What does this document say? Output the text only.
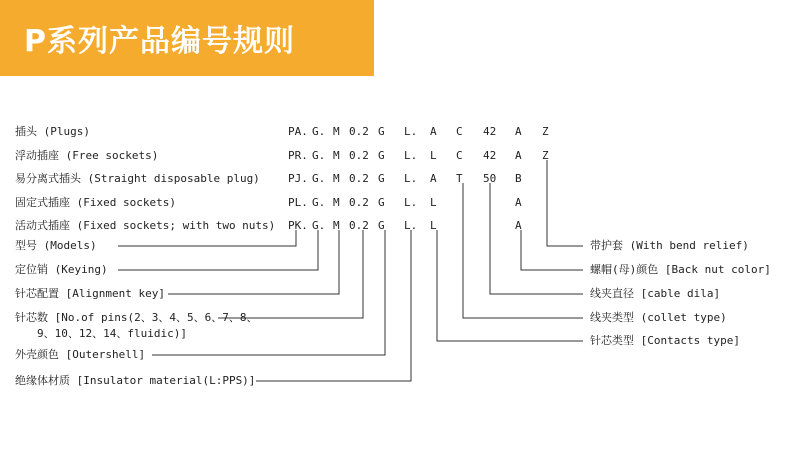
P系列产品编号规则
插头 (Plugs)
浮动插座 (Free sockets)
易分离式插头 (Straight disposable plug)
固定式插座 (Fixed sockets)
活动式插座 (Fixed sockets; with two nuts)
PA. G. M 0.2 G L. A C 42 A Z
PR. G. M 0.2 G L. L C 42 A Z
PJ. G. M 0.2 G L. A T 50 B
PL. G. M 0.2 G L. L	A
PK. G. M 0.2 G L. L	A
型号 (Models)
定位销 (Keying)
针芯配置 [Alignment key]
针芯数 [No.of pins(2、3、4、5、6、7、8、
9、10、12、14、fluidic)]
外壳颜色 [Outershell]
绝缘体材质 [Insulator material(L:PPS)]
带护套 (With bend relief)
螺帽(母)颜色 [Back nut color]
线夹直径 [cable dila]
线夹类型 (collet type)
针芯类型 [Contacts type]
